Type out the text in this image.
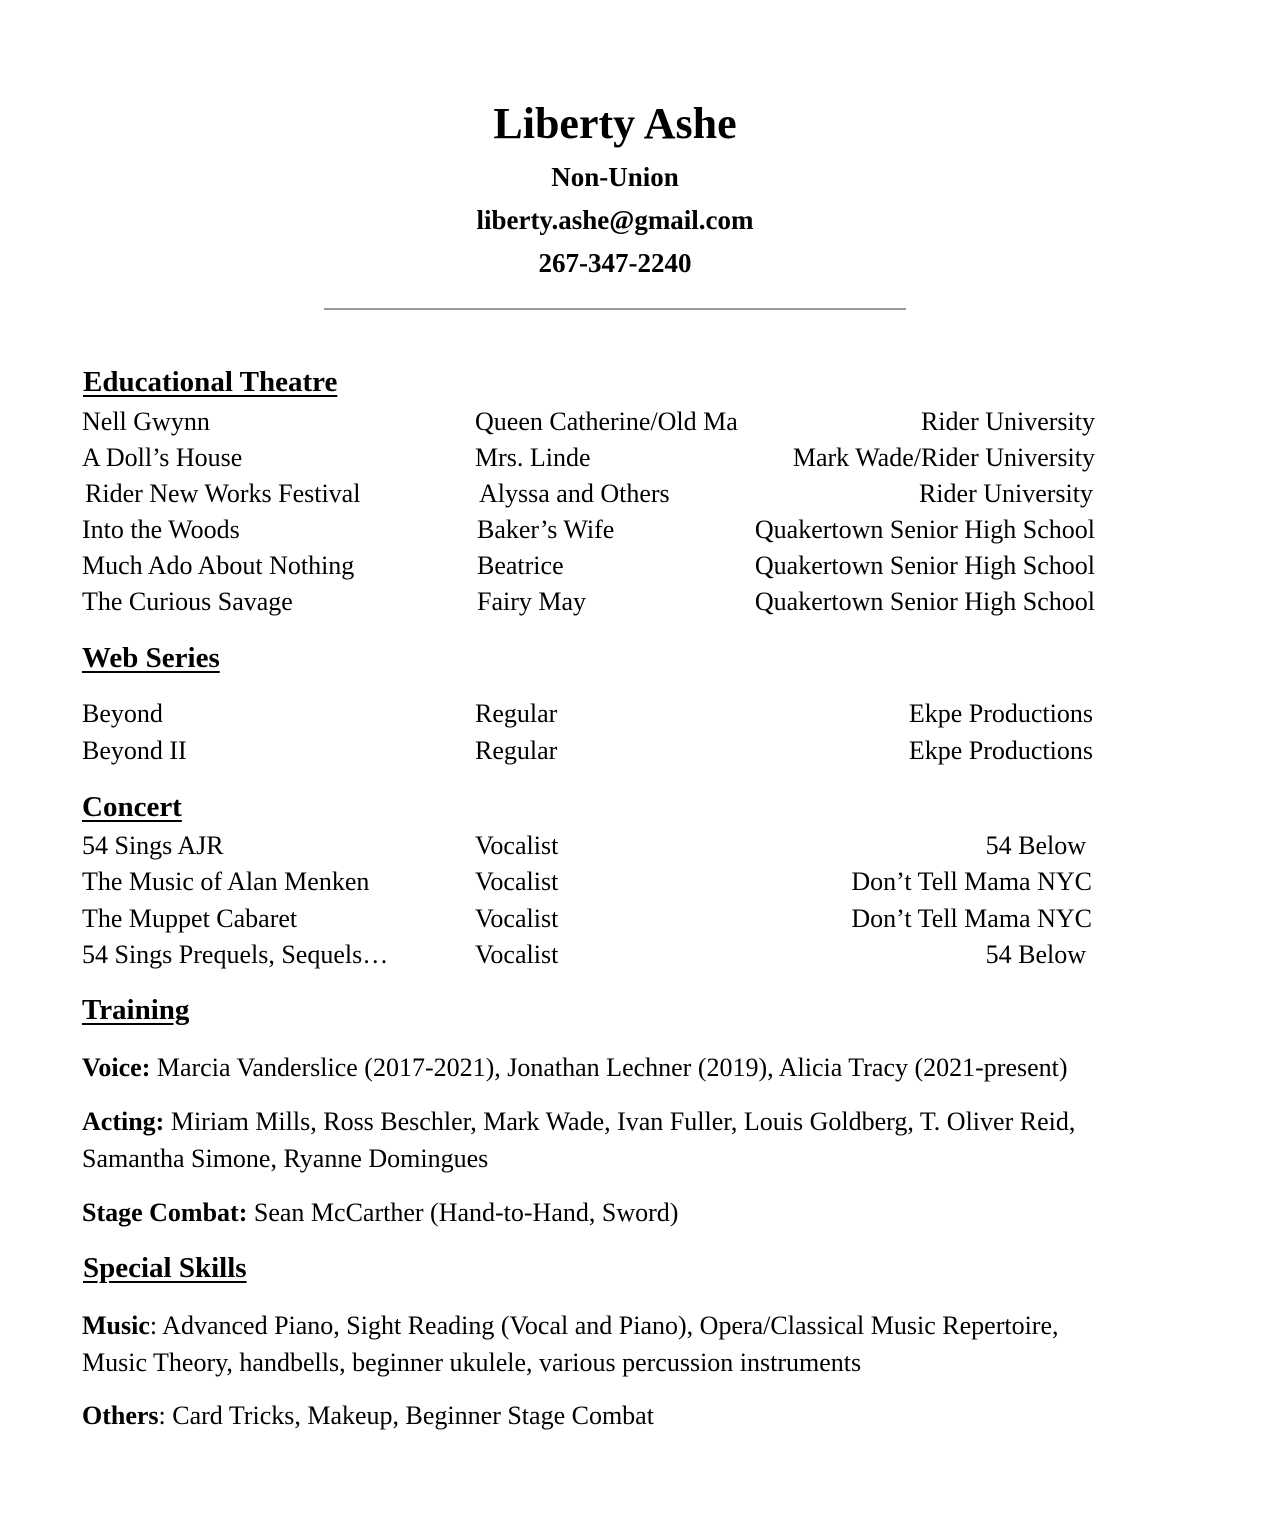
Liberty Ashe
Non-Union
liberty.ashe@gmail.com
267-347-2240
Educational Theatre
Nell Gwynn	Queen Catherine/Old Ma	Rider University
A Doll’s House	Mrs. Linde	Mark Wade/Rider University
Rider New Works Festival	Alyssa and Others	Rider University
Into the Woods	Baker’s Wife	Quakertown Senior High School
Much Ado About Nothing	Beatrice	Quakertown Senior High School
The Curious Savage	Fairy May	Quakertown Senior High School
Web Series
Beyond	Regular	Ekpe Productions
Beyond II	Regular	Ekpe Productions
Concert
54 Sings AJR	Vocalist	54 Below
The Music of Alan Menken	Vocalist	Don’t Tell Mama NYC
The Muppet Cabaret	Vocalist	Don’t Tell Mama NYC
54 Sings Prequels, Sequels…	Vocalist	54 Below
Training
Voice: Marcia Vanderslice (2017-2021), Jonathan Lechner (2019), Alicia Tracy (2021-present)
Acting: Miriam Mills, Ross Beschler, Mark Wade, Ivan Fuller, Louis Goldberg, T. Oliver Reid, Samantha Simone, Ryanne Domingues
Stage Combat: Sean McCarther (Hand-to-Hand, Sword)
Special Skills
Music: Advanced Piano, Sight Reading (Vocal and Piano), Opera/Classical Music Repertoire, Music Theory, handbells, beginner ukulele, various percussion instruments
Others: Card Tricks, Makeup, Beginner Stage Combat
